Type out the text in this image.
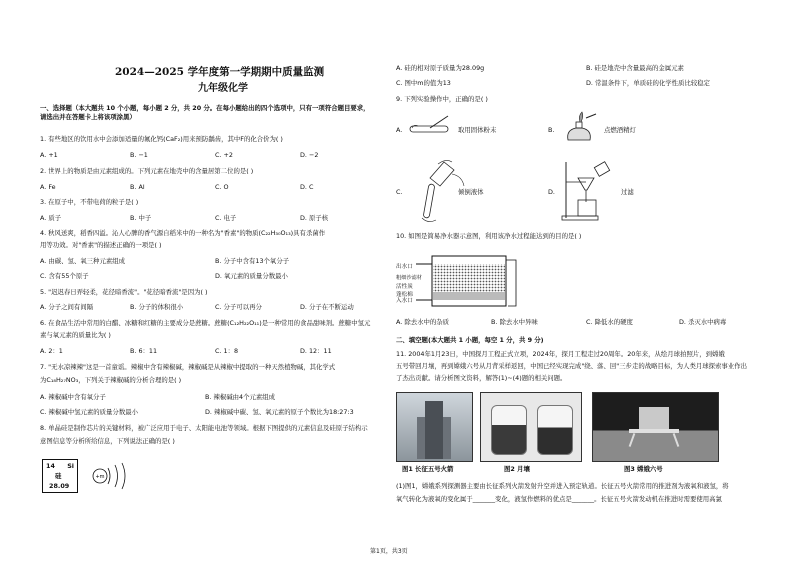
2024—2025 学年度第一学期期中质量监测
九年级化学
一、选择题（本大题共 10 个小题，每小题 2 分，共 20 分。在每小题给出的四个选项中，只有一项符合题目要求，
请选出并在答题卡上将该项涂黑）
1. 有些地区的饮用水中会添加适量的氟化钙(CaF₂)用来预防龋齿，其中F的化合价为( )
A. +1	B. −1	C. +2	D. −2
2. 世界上的物质是由元素组成的。下列元素在地壳中的含量居第二位的是( )
A. Fe	B. Al	C. O	D. C
3. 在原子中，不带电荷的粒子是( )
A. 质子	B. 中子	C. 电子	D. 原子核
4. 秋风送爽，稻香四溢。沁人心脾的香气源自稻米中的一种名为"香素"的物质(C₂₂H₃₀O₁₃)具有杀菌作
用等功效。对"香素"的描述正确的一项是( )
A. 由碳、氢、氧三种元素组成	B. 分子中含有13个氧分子
C. 含有55个原子	D. 氧元素的质量分数最小
5. "迟迟春日弄轻柔，花径暗香流"。"花径暗香流"是因为( )
A. 分子之间有间隔	B. 分子的体积很小	C. 分子可以再分	D. 分子在不断运动
6. 在食品生活中常用的白醋、冰糖和红糖的主要成分是蔗糖。蔗糖(C₁₂H₂₂O₁₁)是一种常用的食品甜味剂。蔗糖中氢元
素与氧元素的质量比为( )
A. 2：1	B. 6：11	C. 1：8	D. 12：11
7. "无水凉辣辣"这是一首童谣。辣椒中含有辣椒碱，辣椒碱是从辣椒中提取的一种天然植物碱，其化学式
为C₁₈H₂₇NO₃，下列关于辣椒碱的分析合理的是( )
A. 辣椒碱中含有氧分子	B. 辣椒碱由4个元素组成
C. 辣椒碱中氢元素的质量分数最小	D. 辣椒碱中碳、氢、氧元素的原子个数比为18:27:3
8. 单晶硅是制作芯片的关键材料，被广泛应用于电子、太阳能电池等领域。根据下图提供的元素信息及硅原子结构示
意图信息等分析所给信息，下列说法正确的是( )
14 Si
硅
28.09
+m
A. 硅的相对原子质量为28.09g	B. 硅是地壳中含量最高的金属元素
C. 图中m的值为13	D. 常温条件下，单质硅的化学性质比较稳定
9. 下列实验操作中，正确的是( )
A.	取用固体粉末	B.	点燃酒精灯
C.	倾倒液体	D.	过滤
10. 如图是简易净水器示意图，利用该净水过程能达到的目的是( )
出水口
粗细沙滤材
活性炭
蓬松棉
入水口
A. 除去水中的杂质	B. 除去水中异味	C. 降低水的硬度	D. 杀灭水中病毒
二、填空题(本大题共 1 小题，每空 1 分，共 9 分)
11. 2004年1月23日，中国探月工程正式立项，2024年，探月工程走过20周年。20年来，从绘月球拍照片，到嫦娥
五号带回月壤，再到嫦娥六号从月背采样返回，中国已经实现完成"绕、落、回"三步走的战略目标，为人类月球探索事业作出
了杰出贡献。请分析图文资料，解答(1)~(4)题的相关问题。
图1 长征五号火箭	图2 月壤	图3 嫦娥六号
(1)图1，嫦娥系列探测器主要由长征系列火箭发射升空并进入预定轨道。长征五号火箭常用的推进剂为液氧和液氢，将
氧气转化为液氧的变化属于_______变化，液氢作燃料的优点是_______。长征五号火箭发动机在推进时需要使用高氯
第1页，共3页
